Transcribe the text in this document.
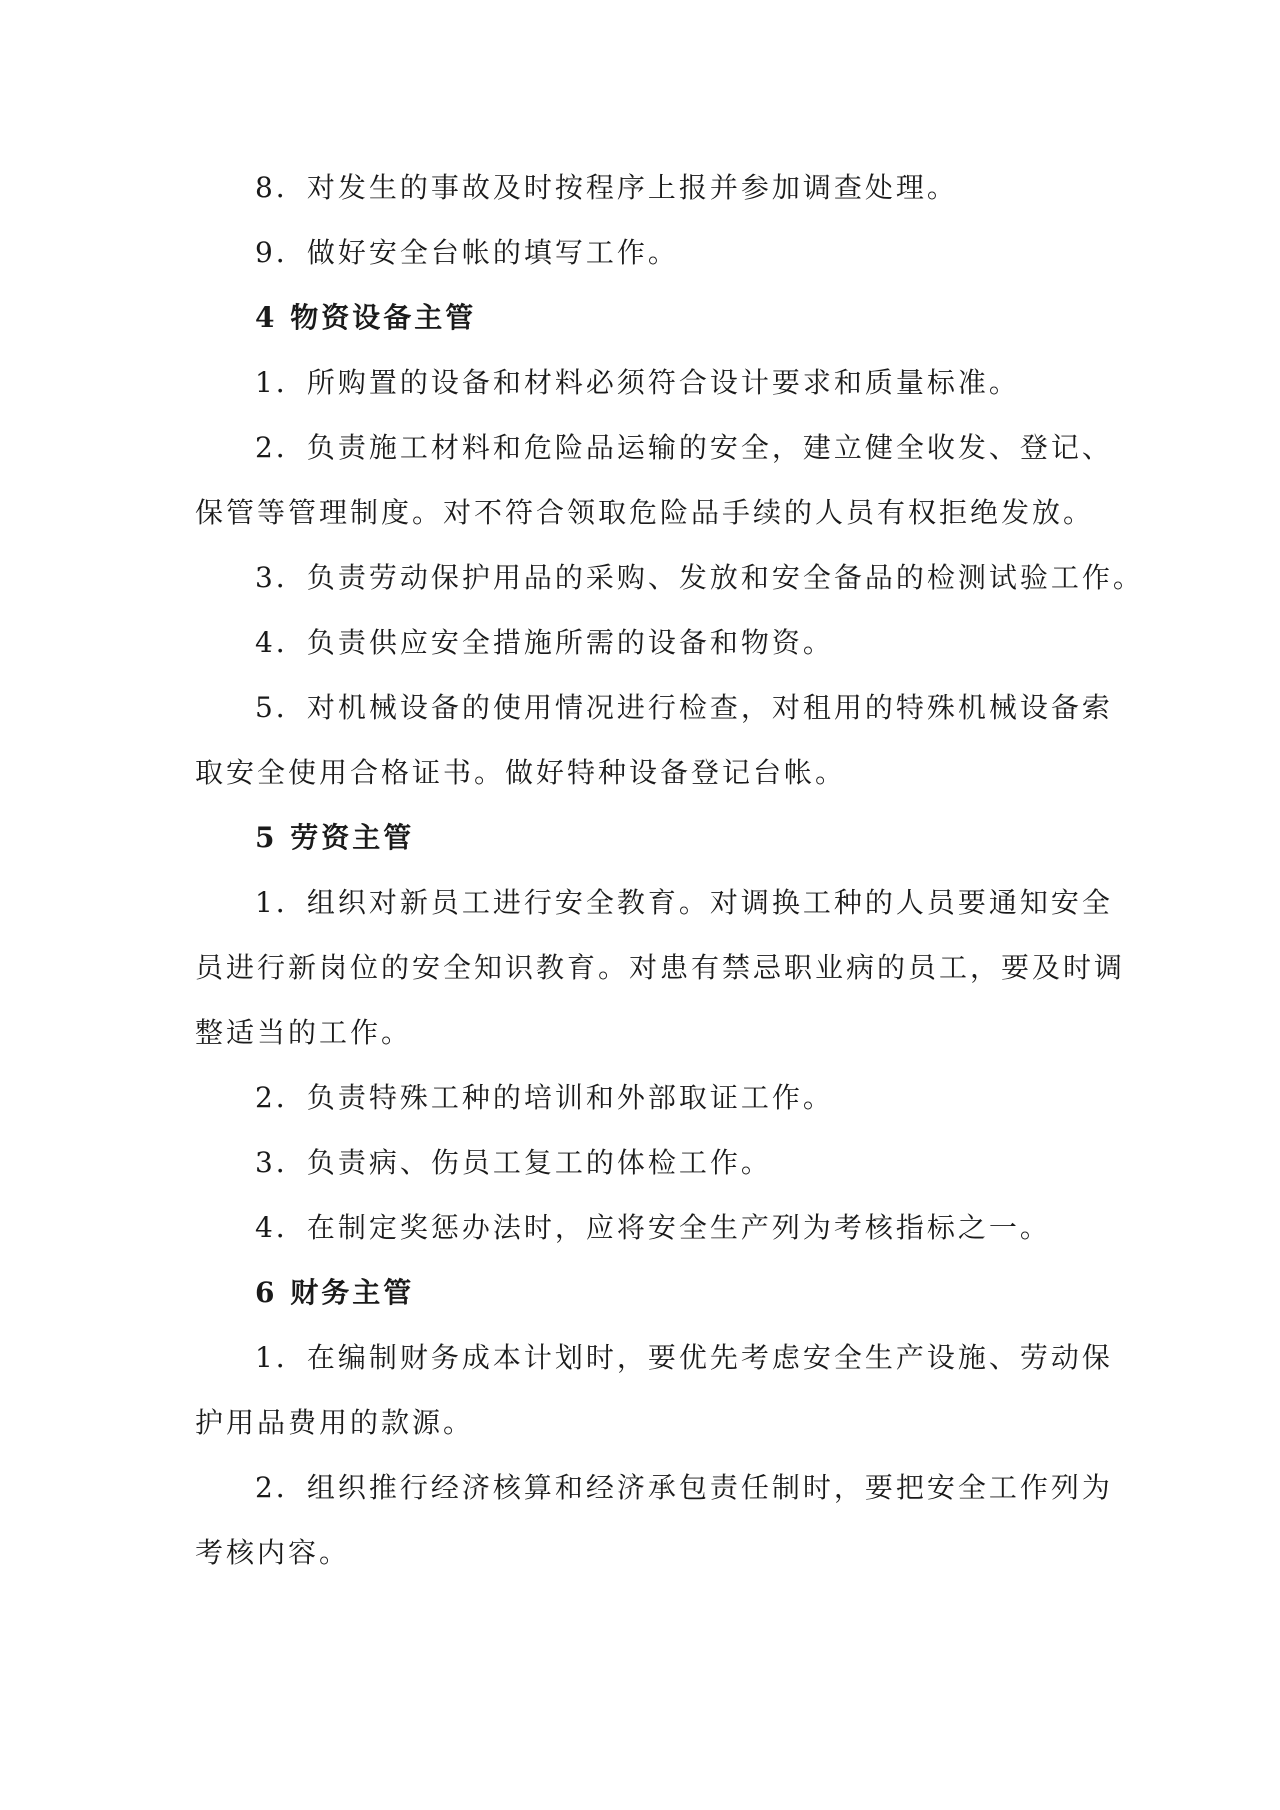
8．对发生的事故及时按程序上报并参加调查处理。
9．做好安全台帐的填写工作。
4 物资设备主管
1．所购置的设备和材料必须符合设计要求和质量标准。
2．负责施工材料和危险品运输的安全，建立健全收发、登记、
保管等管理制度。对不符合领取危险品手续的人员有权拒绝发放。
3．负责劳动保护用品的采购、发放和安全备品的检测试验工作。
4．负责供应安全措施所需的设备和物资。
5．对机械设备的使用情况进行检查，对租用的特殊机械设备索
取安全使用合格证书。做好特种设备登记台帐。
5 劳资主管
1．组织对新员工进行安全教育。对调换工种的人员要通知安全
员进行新岗位的安全知识教育。对患有禁忌职业病的员工，要及时调
整适当的工作。
2．负责特殊工种的培训和外部取证工作。
3．负责病、伤员工复工的体检工作。
4．在制定奖惩办法时，应将安全生产列为考核指标之一。
6 财务主管
1．在编制财务成本计划时，要优先考虑安全生产设施、劳动保
护用品费用的款源。
2．组织推行经济核算和经济承包责任制时，要把安全工作列为
考核内容。
